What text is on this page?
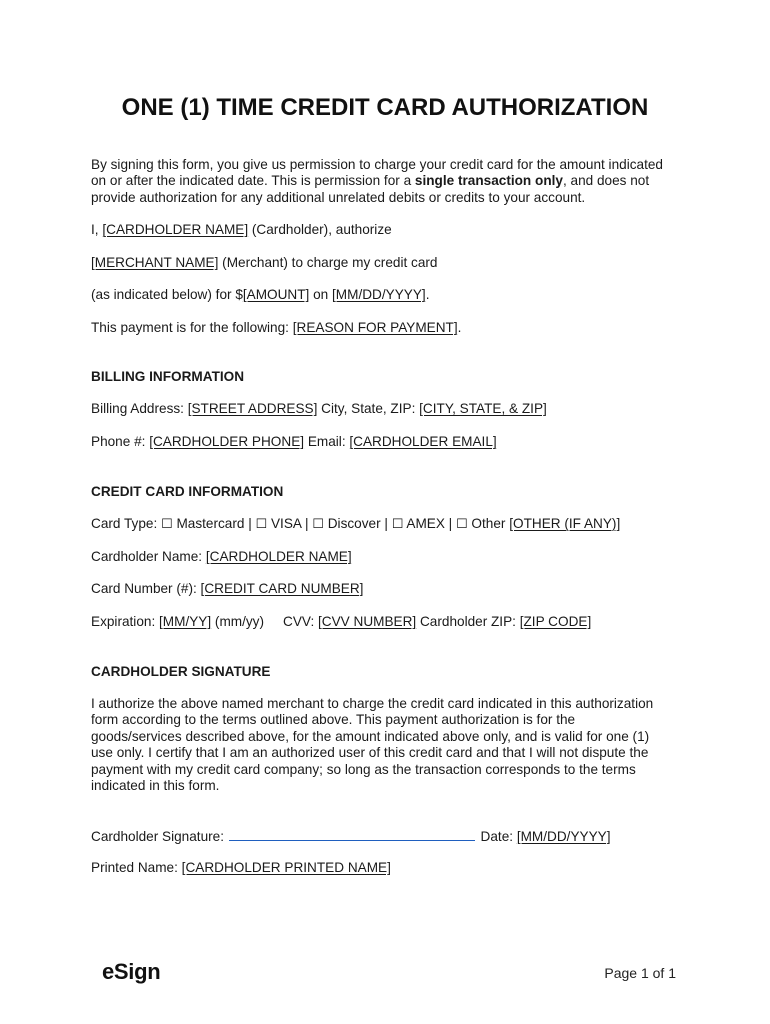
ONE (1) TIME CREDIT CARD AUTHORIZATION
By signing this form, you give us permission to charge your credit card for the amount indicated
on or after the indicated date. This is permission for a single transaction only, and does not
provide authorization for any additional unrelated debits or credits to your account.
I, [CARDHOLDER NAME] (Cardholder), authorize
[MERCHANT NAME] (Merchant) to charge my credit card
(as indicated below) for $[AMOUNT] on [MM/DD/YYYY].
This payment is for the following: [REASON FOR PAYMENT].
BILLING INFORMATION
Billing Address: [STREET ADDRESS] City, State, ZIP: [CITY, STATE, & ZIP]
Phone #: [CARDHOLDER PHONE] Email: [CARDHOLDER EMAIL]
CREDIT CARD INFORMATION
Card Type: ☐ Mastercard | ☐ VISA | ☐ Discover | ☐ AMEX | ☐ Other [OTHER (IF ANY)]
Cardholder Name: [CARDHOLDER NAME]
Card Number (#): [CREDIT CARD NUMBER]
Expiration: [MM/YY] (mm/yy) CVV: [CVV NUMBER] Cardholder ZIP: [ZIP CODE]
CARDHOLDER SIGNATURE
I authorize the above named merchant to charge the credit card indicated in this authorization
form according to the terms outlined above. This payment authorization is for the
goods/services described above, for the amount indicated above only, and is valid for one (1)
use only. I certify that I am an authorized user of this credit card and that I will not dispute the
payment with my credit card company; so long as the transaction corresponds to the terms
indicated in this form.
Cardholder Signature:	Date: [MM/DD/YYYY]
Printed Name: [CARDHOLDER PRINTED NAME]
eSign	Page 1 of 1
